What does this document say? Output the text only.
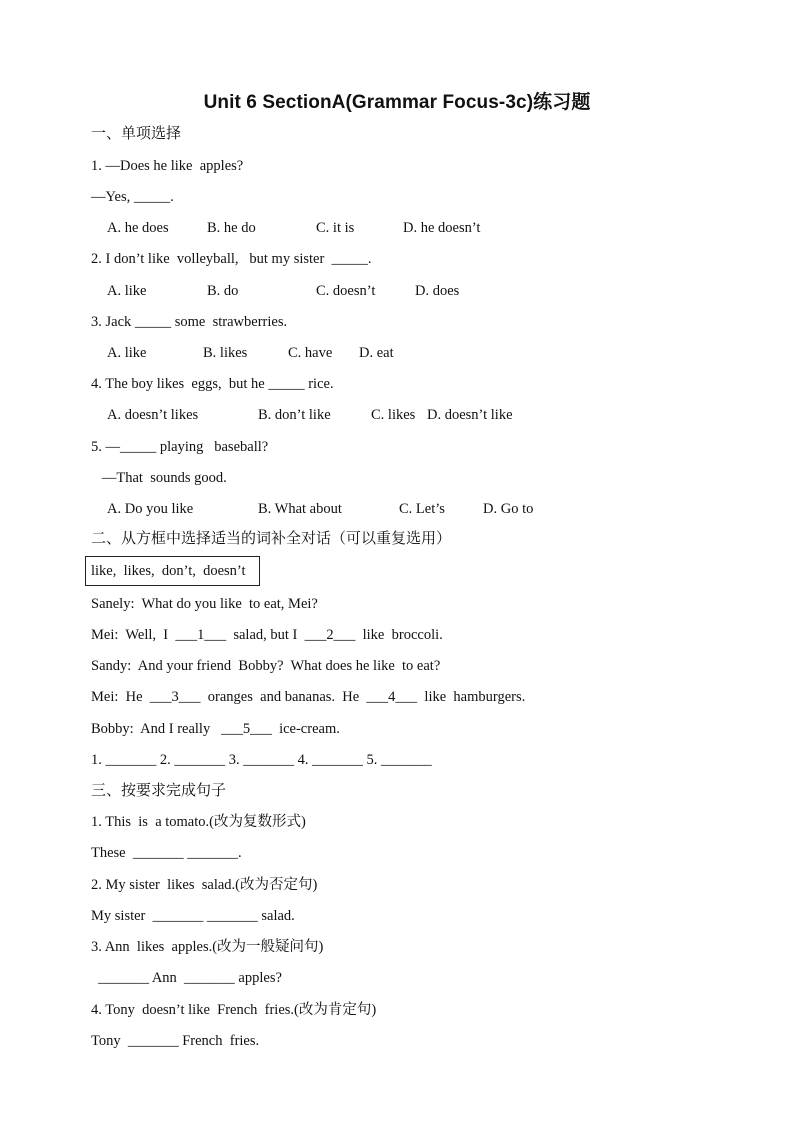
Unit 6 SectionA(Grammar Focus-3c)练习题
一、单项选择
1. —Does he like  apples?
—Yes, _____.
A. he does	B. he do	C. it is	D. he doesn’t
2. I don’t like  volleyball,   but my sister  _____.
A. like	B. do	C. doesn’t	D. does
3. Jack _____ some  strawberries.
A. like	B. likes	C. have D. eat
4. The boy likes  eggs,  but he _____ rice.
A. doesn’t likes	B. don’t like	C. likes D. doesn’t like
5. —_____ playing   baseball?
—That  sounds good.
A. Do you like	B. What about	C. Let’s	D. Go to
二、从方框中选择适当的词补全对话（可以重复选用）
like,  likes,  don’t,  doesn’t
Sanely:  What do you like  to eat, Mei?
Mei:  Well,  I  ___1___  salad, but I  ___2___  like  broccoli.
Sandy:  And your friend  Bobby?  What does he like  to eat?
Mei:  He  ___3___  oranges  and bananas.  He  ___4___  like  hamburgers.
Bobby:  And I really   ___5___  ice-cream.
1. _______ 2. _______ 3. _______ 4. _______ 5. _______
三、按要求完成句子
1. This  is  a tomato.(改为复数形式)
These  _______ _______.
2. My sister  likes  salad.(改为否定句)
My sister  _______ _______ salad.
3. Ann  likes  apples.(改为一般疑问句)
_______ Ann  _______ apples?
4. Tony  doesn’t like  French  fries.(改为肯定句)
Tony  _______ French  fries.
